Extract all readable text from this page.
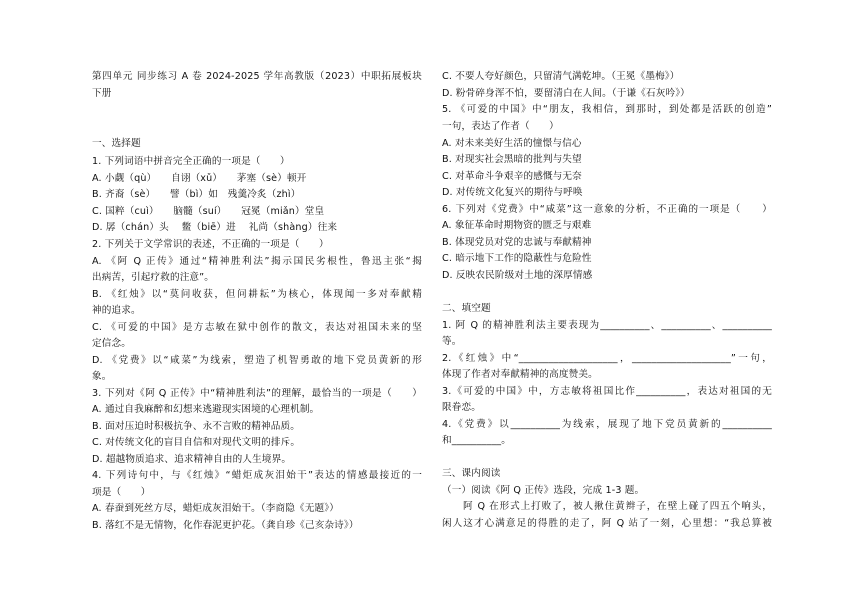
第四单元 同步练习 A 卷 2024-2025 学年高教版（2023）中职拓展板块
下册
一、选择题
1. 下列词语中拼音完全正确的一项是（　　）
A. 小觑（qù）　　自诩（xǔ）　　茅塞（sè）顿开
B. 齐裔（sè）　　譬（bì）如　残羹冷炙（zhì）
C. 国粹（cuì）　　脑髓（suí）　　冠冕（miǎn）堂皇
D. 孱（chán）头　 鳖（biē）进　 礼尚（shàng）往来
2. 下列关于文学常识的表述，不正确的一项是（　　）
A. 《阿 Q 正传》通过“精神胜利法”揭示国民劣根性，鲁迅主张“揭
出病苦，引起疗救的注意”。
B. 《红烛》以“莫问收获，但问耕耘”为核心，体现闻一多对奉献精
神的追求。
C. 《可爱的中国》是方志敏在狱中创作的散文，表达对祖国未来的坚
定信念。
D. 《党费》以“咸菜”为线索，塑造了机智勇敢的地下党员黄新的形
象。
3. 下列对《阿 Q 正传》中“精神胜利法”的理解，最恰当的一项是（　　）
A. 通过自我麻醉和幻想来逃避现实困境的心理机制。
B. 面对压迫时积极抗争、永不言败的精神品质。
C. 对传统文化的盲目自信和对现代文明的排斥。
D. 超越物质追求、追求精神自由的人生境界。
4. 下列诗句中，与《红烛》“蜡炬成灰泪始干”表达的情感最接近的一
项是（　　）
A. 春蚕到死丝方尽，蜡炬成灰泪始干。（李商隐《无题》）
B. 落红不是无情物，化作春泥更护花。（龚自珍《己亥杂诗》）
C. 不要人夸好颜色，只留清气满乾坤。（王冕《墨梅》）
D. 粉骨碎身浑不怕，要留清白在人间。（于谦《石灰吟》）
5. 《可爱的中国》中“朋友，我相信，到那时，到处都是活跃的创造”
一句，表达了作者（　　）
A. 对未来美好生活的憧憬与信心
B. 对现实社会黑暗的批判与失望
C. 对革命斗争艰辛的感慨与无奈
D. 对传统文化复兴的期待与呼唤
6. 下列对《党费》中“咸菜”这一意象的分析，不正确的一项是（　　）
A. 象征革命时期物资的匮乏与艰难
B. 体现党员对党的忠诚与奉献精神
C. 暗示地下工作的隐蔽性与危险性
D. 反映农民阶级对土地的深厚情感
二、填空题
1. 阿 Q 的精神胜利法主要表现为__________、__________、__________
等。
2.《红烛》中“____________________，____________________”一句，
体现了作者对奉献精神的高度赞美。
3.《可爱的中国》中，方志敏将祖国比作__________，表达对祖国的无
限眷恋。
4.《党费》以__________为线索，展现了地下党员黄新的__________
和__________。
三、课内阅读
（一）阅读《阿 Q 正传》选段，完成 1-3 题。
　　阿 Q 在形式上打败了，被人揪住黄辫子，在壁上碰了四五个响头，
闲人这才心满意足的得胜的走了，阿 Q 站了一刻，心里想：“我总算被
